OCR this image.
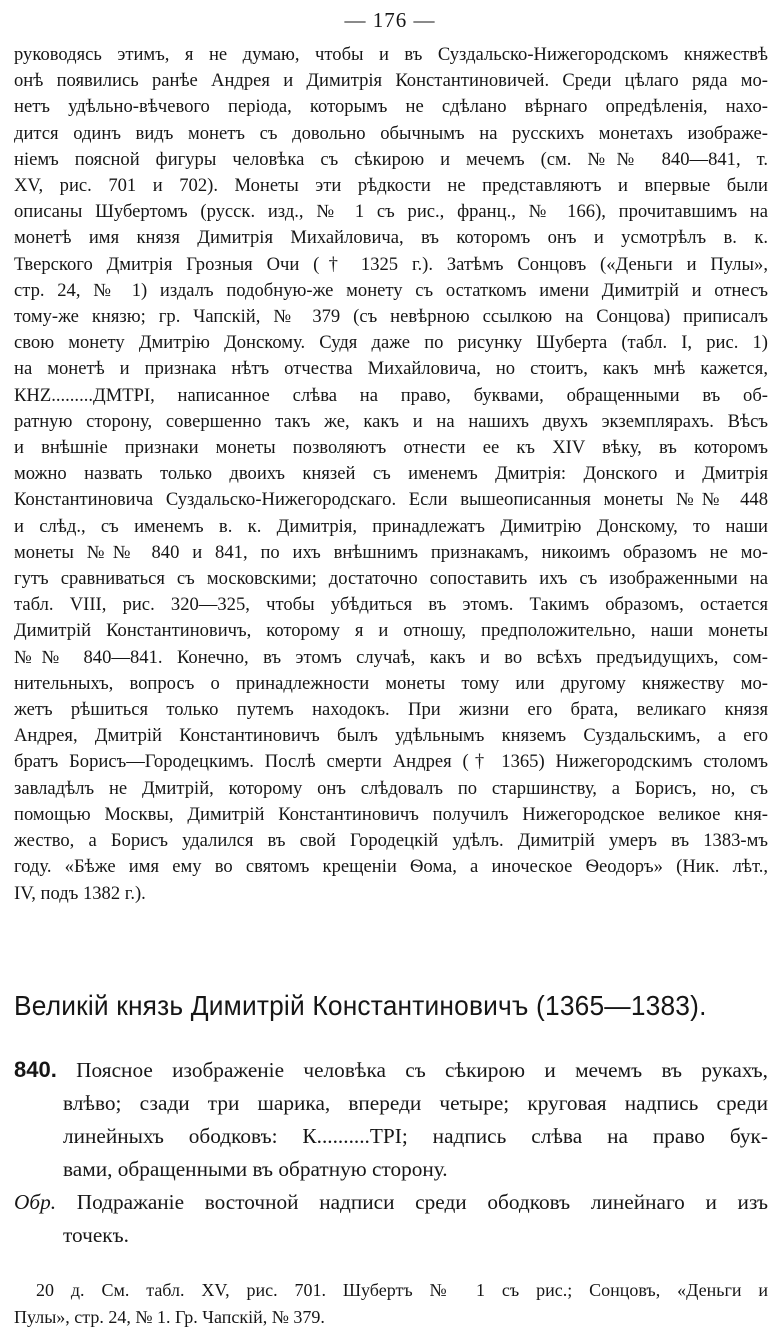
— 176 —
руководясь этимъ, я не думаю, чтобы и въ Суздальско-Нижегородскомъ княжествѣ
онѣ появились ранѣе Андрея и Димитрія Константиновичей. Среди цѣлаго ряда мо-
нетъ удѣльно-вѣчевого періода, которымъ не сдѣлано вѣрнаго опредѣленія, нахо-
дится одинъ видъ монетъ съ довольно обычнымъ на русскихъ монетахъ изображе-
ніемъ поясной фигуры человѣка съ сѣкирою и мечемъ (см. №№ 840—841, т.
XV, рис. 701 и 702). Монеты эти рѣдкости не представляютъ и впервые были
описаны Шубертомъ (русск. изд., № 1 съ рис., франц., № 166), прочитавшимъ на
монетѣ имя князя Димитрія Михайловича, въ которомъ онъ и усмотрѣлъ в. к.
Тверского Дмитрія Грозныя Очи († 1325 г.). Затѣмъ Сонцовъ («Деньги и Пулы»,
стр. 24, № 1) издалъ подобную-же монету съ остаткомъ имени Димитрій и отнесъ
тому-же князю; гр. Чапскій, № 379 (съ невѣрною ссылкою на Сонцова) приписалъ
свою монету Дмитрію Донскому. Судя даже по рисунку Шуберта (табл. I, рис. 1)
на монетѣ и признака нѣтъ отчества Михайловича, но стоитъ, какъ мнѣ кажется,
КНZ.........ДМТРІ, написанное слѣва на право, буквами, обращенными въ об-
ратную сторону, совершенно такъ же, какъ и на нашихъ двухъ экземплярахъ. Вѣсъ
и внѣшніе признаки монеты позволяютъ отнести ее къ XIV вѣку, въ которомъ
можно назвать только двоихъ князей съ именемъ Дмитрія: Донского и Дмитрія
Константиновича Суздальско-Нижегородскаго. Если вышеописанныя монеты №№ 448
и слѣд., съ именемъ в. к. Димитрія, принадлежатъ Димитрію Донскому, то наши
монеты №№ 840 и 841, по ихъ внѣшнимъ признакамъ, никоимъ образомъ не мо-
гутъ сравниваться съ московскими; достаточно сопоставить ихъ съ изображенными на
табл. VIII, рис. 320—325, чтобы убѣдиться въ этомъ. Такимъ образомъ, остается
Димитрій Константиновичъ, которому я и отношу, предположительно, наши монеты
№№ 840—841. Конечно, въ этомъ случаѣ, какъ и во всѣхъ предъидущихъ, сом-
нительныхъ, вопросъ о принадлежности монеты тому или другому княжеству мо-
жетъ рѣшиться только путемъ находокъ. При жизни его брата, великаго князя
Андрея, Дмитрій Константиновичъ былъ удѣльнымъ княземъ Суздальскимъ, а его
братъ Борисъ—Городецкимъ. Послѣ смерти Андрея († 1365) Нижегородскимъ столомъ
завладѣлъ не Дмитрій, которому онъ слѣдовалъ по старшинству, а Борисъ, но, съ
помощью Москвы, Димитрій Константиновичъ получилъ Нижегородское великое кня-
жество, а Борисъ удалился въ свой Городецкій удѣлъ. Димитрій умеръ въ 1383-мъ
году. «Бѣже имя ему во святомъ крещеніи Ѳома, а иноческое Ѳеодоръ» (Ник. лѣт.,
IV, подъ 1382 г.).
Великій князь Димитрій Константиновичъ (1365—1383).
840. Поясное изображеніе человѣка съ сѣкирою и мечемъ въ рукахъ,
влѣво; сзади три шарика, впереди четыре; круговая надпись среди
линейныхъ ободковъ: К..........ТРІ; надпись слѣва на право бук-
вами, обращенными въ обратную сторону.
Обр. Подражаніе восточной надписи среди ободковъ линейнаго и изъ
точекъ.
20 д. См. табл. XV, рис. 701. Шубертъ № 1 съ рис.; Сонцовъ, «Деньги и
Пулы», стр. 24, № 1. Гр. Чапскій, № 379.
